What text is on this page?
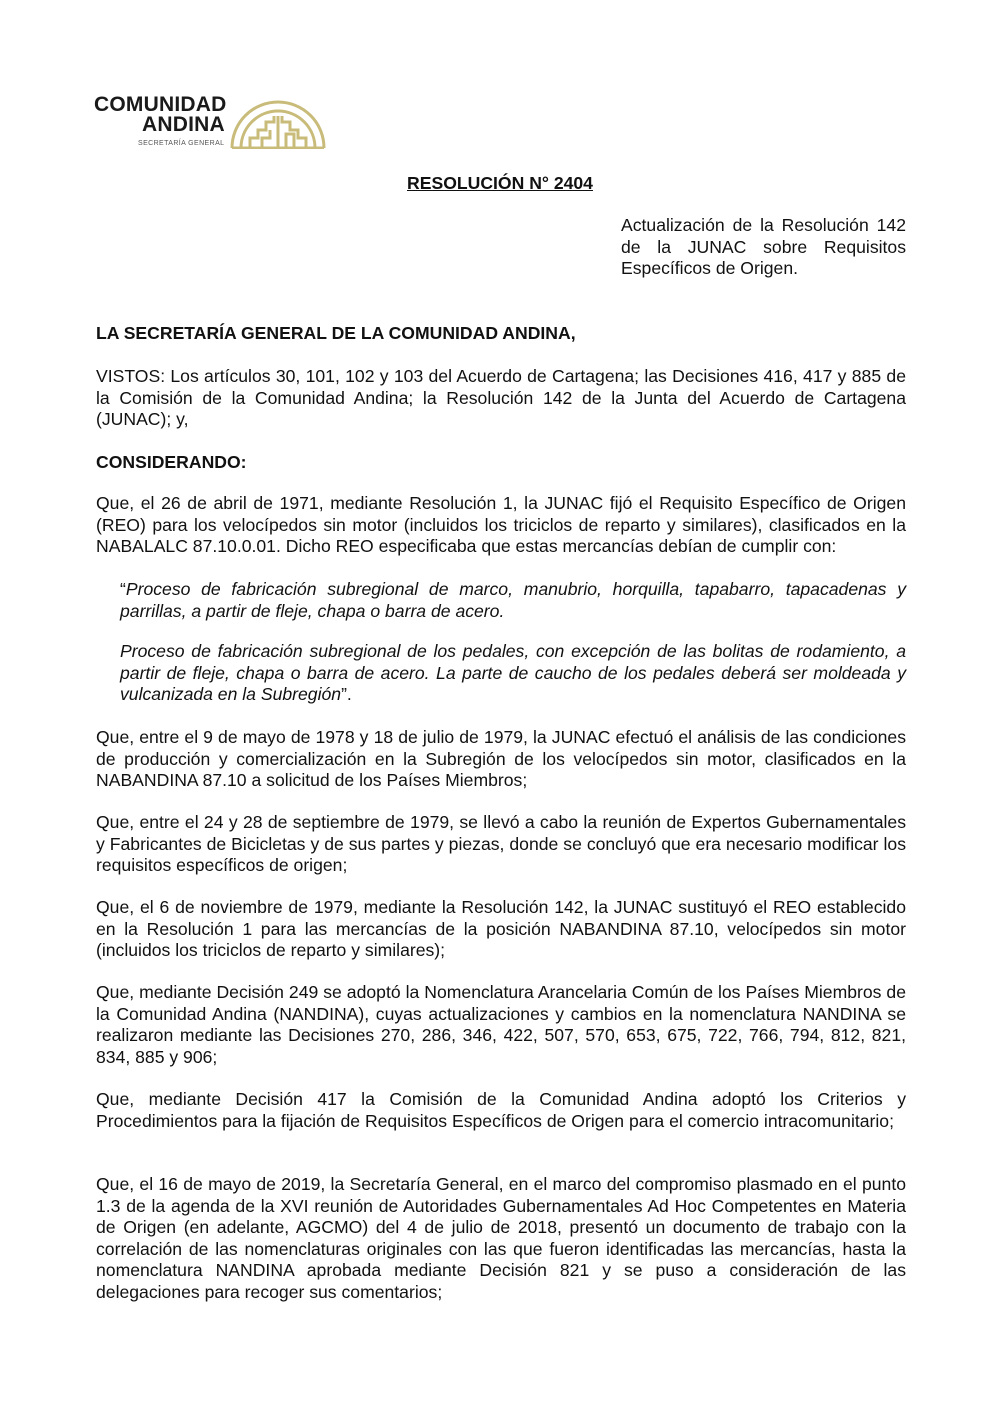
COMUNIDAD
ANDINA
SECRETARÍA GENERAL
RESOLUCIÓN N° 2404
Actualización de la Resolución 142 de la JUNAC sobre Requisitos Específicos de Origen.
LA SECRETARÍA GENERAL DE LA COMUNIDAD ANDINA,
VISTOS: Los artículos 30, 101, 102 y 103 del Acuerdo de Cartagena; las Decisiones 416, 417 y 885 de la Comisión de la Comunidad Andina; la Resolución 142 de la Junta del Acuerdo de Cartagena (JUNAC); y,
CONSIDERANDO:
Que, el 26 de abril de 1971, mediante Resolución 1, la JUNAC fijó el Requisito Específico de Origen (REO) para los velocípedos sin motor (incluidos los triciclos de reparto y similares), clasificados en la NABALALC 87.10.0.01. Dicho REO especificaba que estas mercancías debían de cumplir con:
“Proceso de fabricación subregional de marco, manubrio, horquilla, tapabarro, tapacadenas y parrillas, a partir de fleje, chapa o barra de acero.
Proceso de fabricación subregional de los pedales, con excepción de las bolitas de rodamiento, a partir de fleje, chapa o barra de acero. La parte de caucho de los pedales deberá ser moldeada y vulcanizada en la Subregión”.
Que, entre el 9 de mayo de 1978 y 18 de julio de 1979, la JUNAC efectuó el análisis de las condiciones de producción y comercialización en la Subregión de los velocípedos sin motor, clasificados en la NABANDINA 87.10 a solicitud de los Países Miembros;
Que, entre el 24 y 28 de septiembre de 1979, se llevó a cabo la reunión de Expertos Gubernamentales y Fabricantes de Bicicletas y de sus partes y piezas, donde se concluyó que era necesario modificar los requisitos específicos de origen;
Que, el 6 de noviembre de 1979, mediante la Resolución 142, la JUNAC sustituyó el REO establecido en la Resolución 1 para las mercancías de la posición NABANDINA 87.10, velocípedos sin motor (incluidos los triciclos de reparto y similares);
Que, mediante Decisión 249 se adoptó la Nomenclatura Arancelaria Común de los Países Miembros de la Comunidad Andina (NANDINA), cuyas actualizaciones y cambios en la nomenclatura NANDINA se realizaron mediante las Decisiones 270, 286, 346, 422, 507, 570, 653, 675, 722, 766, 794, 812, 821, 834, 885 y 906;
Que, mediante Decisión 417 la Comisión de la Comunidad Andina adoptó los Criterios y Procedimientos para la fijación de Requisitos Específicos de Origen para el comercio intracomunitario;
Que, el 16 de mayo de 2019, la Secretaría General, en el marco del compromiso plasmado en el punto 1.3 de la agenda de la XVI reunión de Autoridades Gubernamentales Ad Hoc Competentes en Materia de Origen (en adelante, AGCMO) del 4 de julio de 2018, presentó un documento de trabajo con la correlación de las nomenclaturas originales con las que fueron identificadas las mercancías, hasta la nomenclatura NANDINA aprobada mediante Decisión 821 y se puso a consideración de las delegaciones para recoger sus comentarios;
